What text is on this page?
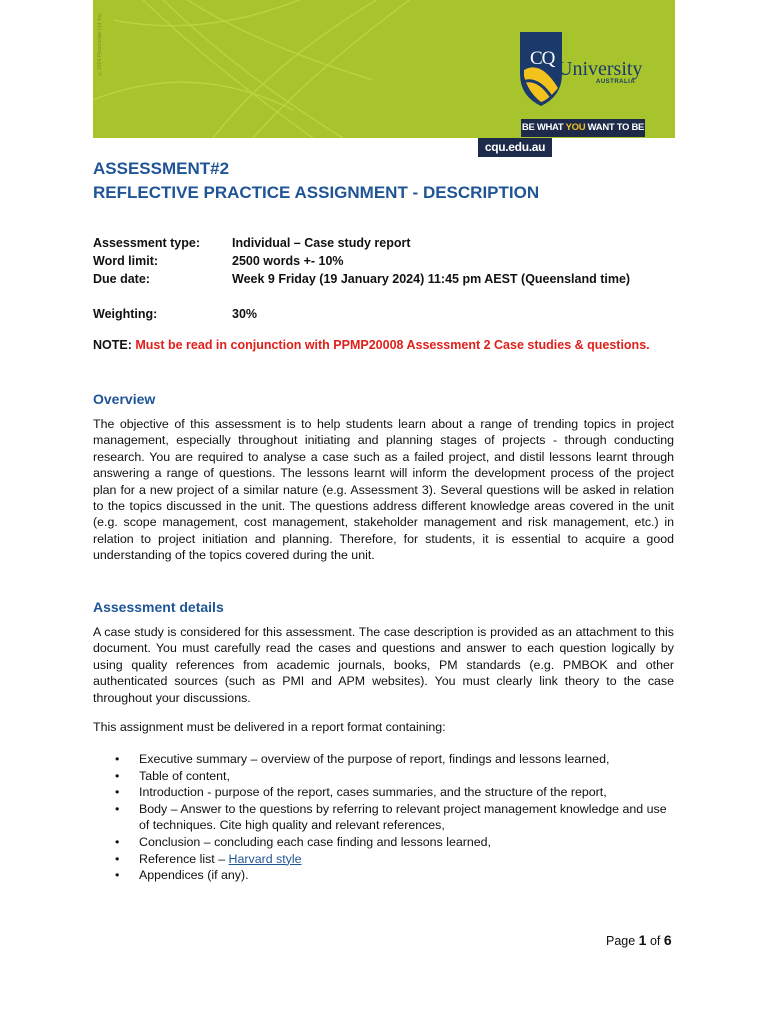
©2024 Placeholder Ltd. Inc.	CQ University
AUSTRALIA
BE WHAT YOU WANT TO BE
cqu.edu.au
ASSESSMENT#2
REFLECTIVE PRACTICE ASSIGNMENT - DESCRIPTION
Assessment type:	Individual – Case study report
Word limit:	2500 words +- 10%
Due date:	Week 9 Friday (19 January 2024) 11:45 pm AEST (Queensland time)
Weighting:	30%
NOTE: Must be read in conjunction with PPMP20008 Assessment 2 Case studies & questions.
Overview
The objective of this assessment is to help students learn about a range of trending topics in project management, especially throughout initiating and planning stages of projects - through conducting research. You are required to analyse a case such as a failed project, and distil lessons learnt through answering a range of questions. The lessons learnt will inform the development process of the project plan for a new project of a similar nature (e.g. Assessment 3). Several questions will be asked in relation to the topics discussed in the unit. The questions address different knowledge areas covered in the unit (e.g. scope management, cost management, stakeholder management and risk management, etc.) in relation to project initiation and planning. Therefore, for students, it is essential to acquire a good understanding of the topics covered during the unit.
Assessment details
A case study is considered for this assessment. The case description is provided as an attachment to this document. You must carefully read the cases and questions and answer to each question logically by using quality references from academic journals, books, PM standards (e.g. PMBOK and other authenticated sources (such as PMI and APM websites). You must clearly link theory to the case throughout your discussions.
This assignment must be delivered in a report format containing:
• Executive summary – overview of the purpose of report, findings and lessons learned,
• Table of content,
• Introduction - purpose of the report, cases summaries, and the structure of the report,
• Body – Answer to the questions by referring to relevant project management knowledge and use of techniques. Cite high quality and relevant references,
• Conclusion – concluding each case finding and lessons learned,
• Reference list – Harvard style
• Appendices (if any).
Page 1 of 6
